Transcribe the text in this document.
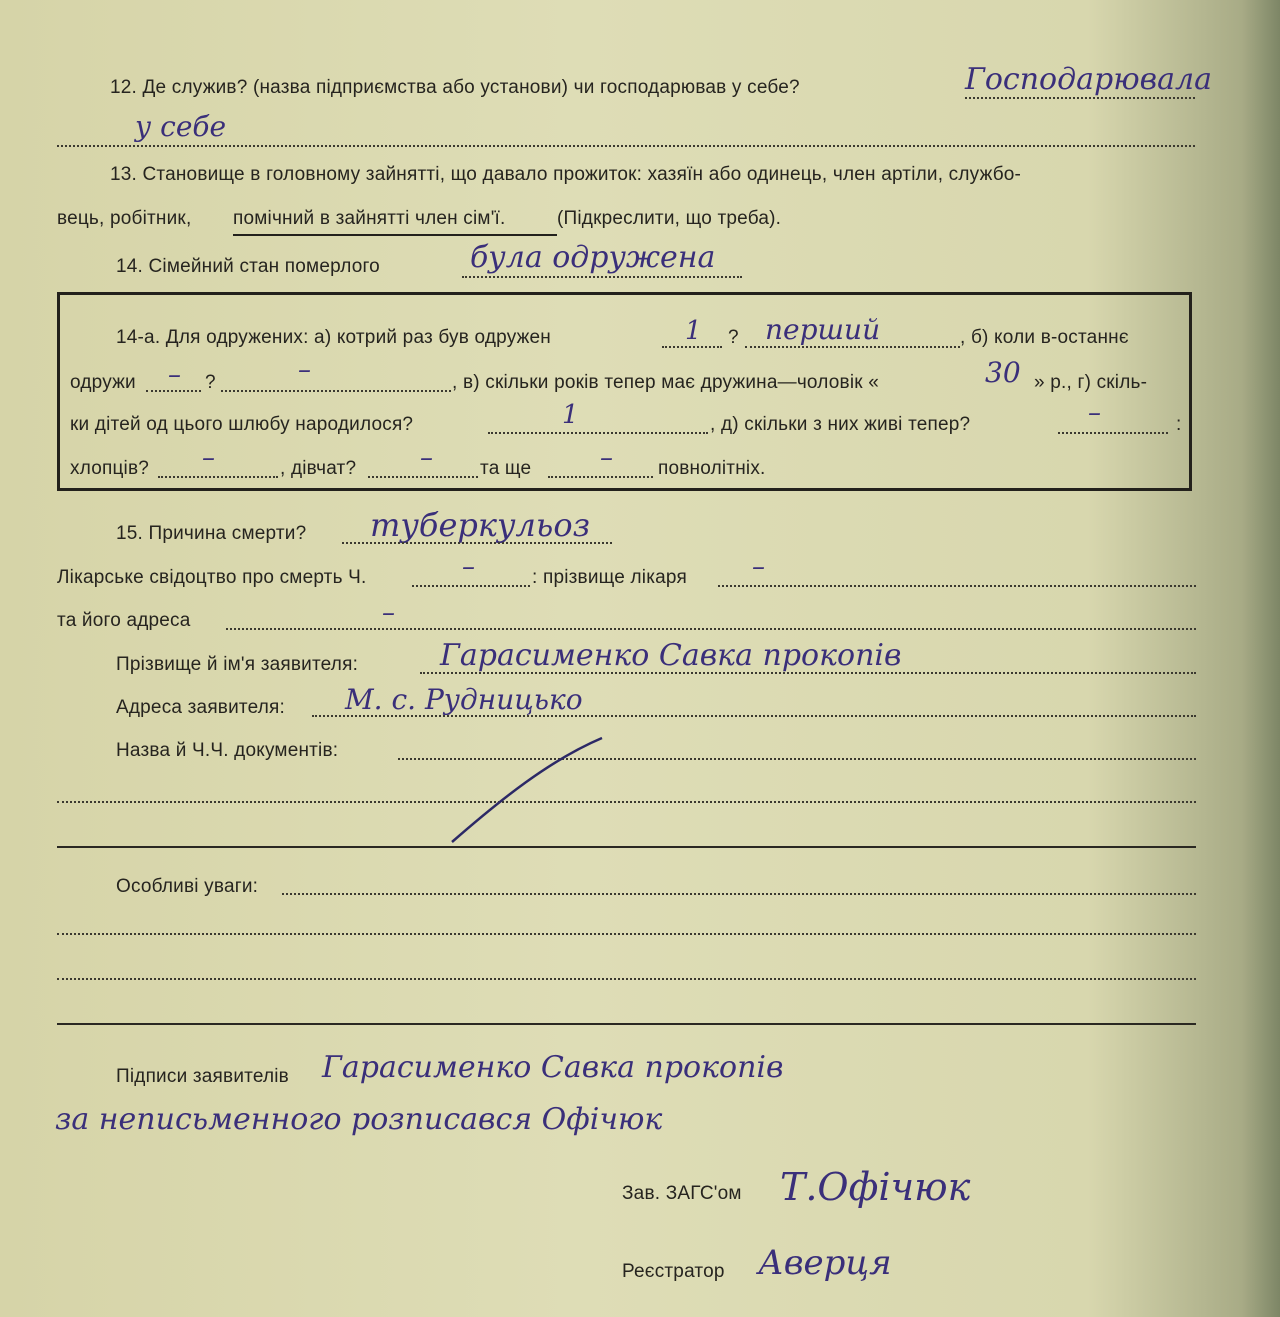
12. Де служив? (назва підприємства або установи) чи господарював у себе?	Господарювала
у себе
13. Становище в головному зайнятті, що давало прожиток: хазяїн або одинець, член артіли, службо-
вець, робітник, помічний в зайнятті член сім'ї.	(Підкреслити, що треба).
14. Сімейний стан померлого	була одружена
14-а. Для одружених: а) котрий раз був одружен	1 ? перший	, б) коли в-останнє
одружи – ?	–	, в) скільки років тепер має дружина—чоловік «	30 » р., г) скіль-
ки дітей од цього шлюбу народилося?	1	, д) скільки з них живі тепер?	–	:
хлопців? –	, дівчат? – та ще	– повнолітніх.
15. Причина смерти? туберкульоз
Лікарське свідоцтво про смерть Ч.	–	: прізвище лікаря	–
та його адреса	–
Прізвище й ім'я заявителя:	Гарасименко Савка прокопів
Адреса заявителя: М. с. Рудницько
Назва й Ч.Ч. документів:
Особливі уваги:
Підписи заявителів Гарасименко Савка прокопів
за неписьменного розписався Офічюк
Зав. ЗАГС'ом Т.Офічюк
Реєстратор Аверця
